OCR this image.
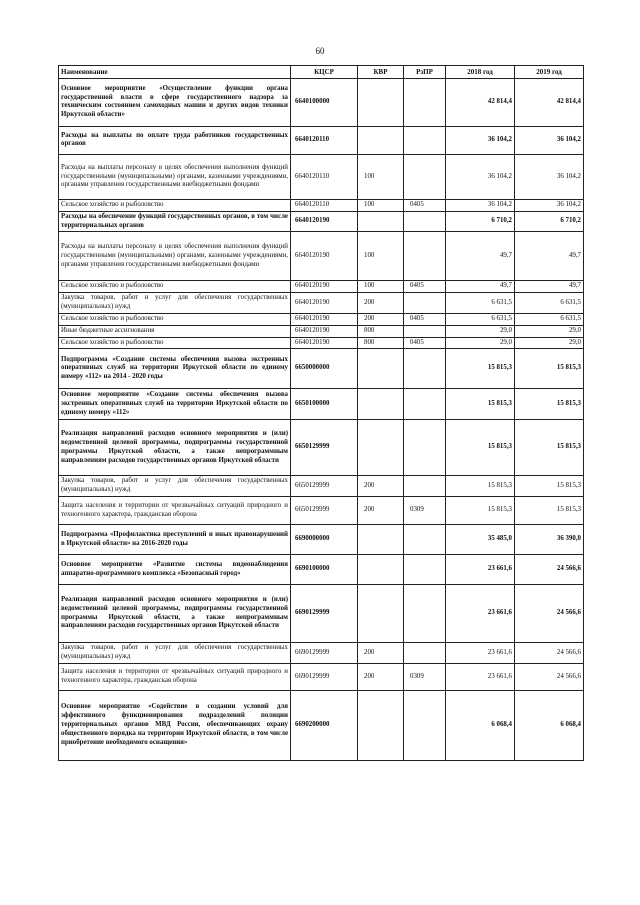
60
Наименование	КЦСР	КВР	РзПР	2018 год	2019 год
Основное мероприятие «Осуществление функции органа государственной власти в сфере государственного надзора за техническим состоянием самоходных машин и других видов техники Иркутской области»	6640100000			42 814,4	42 814,4
Расходы на выплаты по оплате труда работников государственных органов	6640120110			36 104,2	36 104,2
Расходы на выплаты персоналу в целях обеспечения выполнения функций государственными (муниципальными) органами, казенными учреждениями, органами управления государственными внебюджетными фондами	6640120110	100		36 104,2	36 104,2
Сельское хозяйство и рыболовство	6640120110	100	0405	36 104,2	36 104,2
Расходы на обеспечение функций государственных органов, в том числе территориальных органов	6640120190			6 710,2	6 710,2
Расходы на выплаты персоналу в целях обеспечения выполнения функций государственными (муниципальными) органами, казенными учреждениями, органами управления государственными внебюджетными фондами	6640120190	100		49,7	49,7
Сельское хозяйство и рыболовство	6640120190	100	0405	49,7	49,7
Закупка товаров, работ и услуг для обеспечения государственных (муниципальных) нужд	6640120190	200		6 631,5	6 631,5
Сельское хозяйство и рыболовство	6640120190	200	0405	6 631,5	6 631,5
Иные бюджетные ассигнования	6640120190	800		29,0	29,0
Сельское хозяйство и рыболовство	6640120190	800	0405	29,0	29,0
Подпрограмма «Создание системы обеспечения вызова экстренных оперативных служб на территории Иркутской области по единому номеру «112» на 2014 - 2020 годы	6650000000			15 815,3	15 815,3
Основное мероприятие «Создание системы обеспечения вызова экстренных оперативных служб на территории Иркутской области по единому номеру «112»	6650100000			15 815,3	15 815,3
Реализация направлений расходов основного мероприятия и (или) ведомственной целевой программы, подпрограммы государственной программы Иркутской области, а также непрограммным направлениям расходов государственных органов Иркутской области	6650129999			15 815,3	15 815,3
Закупка товаров, работ и услуг для обеспечения государственных (муниципальных) нужд	6650129999	200		15 815,3	15 815,3
Защита населения и территории от чрезвычайных ситуаций природного и техногенного характера, гражданская оборона	6650129999	200	0309	15 815,3	15 815,3
Подпрограмма «Профилактика преступлений и иных правонарушений в Иркутской области» на 2016-2020 годы	6690000000			35 485,0	36 390,0
Основное мероприятие «Развитие системы видеонаблюдения аппаратно-программного комплекса «Безопасный город»	6690100000			23 661,6	24 566,6
Реализация направлений расходов основного мероприятия и (или) ведомственной целевой программы, подпрограммы государственной программы Иркутской области, а также непрограммным направлениям расходов государственных органов Иркутской области	6690129999			23 661,6	24 566,6
Закупка товаров, работ и услуг для обеспечения государственных (муниципальных) нужд	6690129999	200		23 661,6	24 566,6
Защита населения и территории от чрезвычайных ситуаций природного и техногенного характера, гражданская оборона	6690129999	200	0309	23 661,6	24 566,6
Основное мероприятие «Содействие в создании условий для эффективного функционирования подразделений полиции территориальных органов МВД России, обеспечивающих охрану общественного порядка на территории Иркутской области, в том числе приобретение необходимого оснащения»	6690200000			6 068,4	6 068,4
